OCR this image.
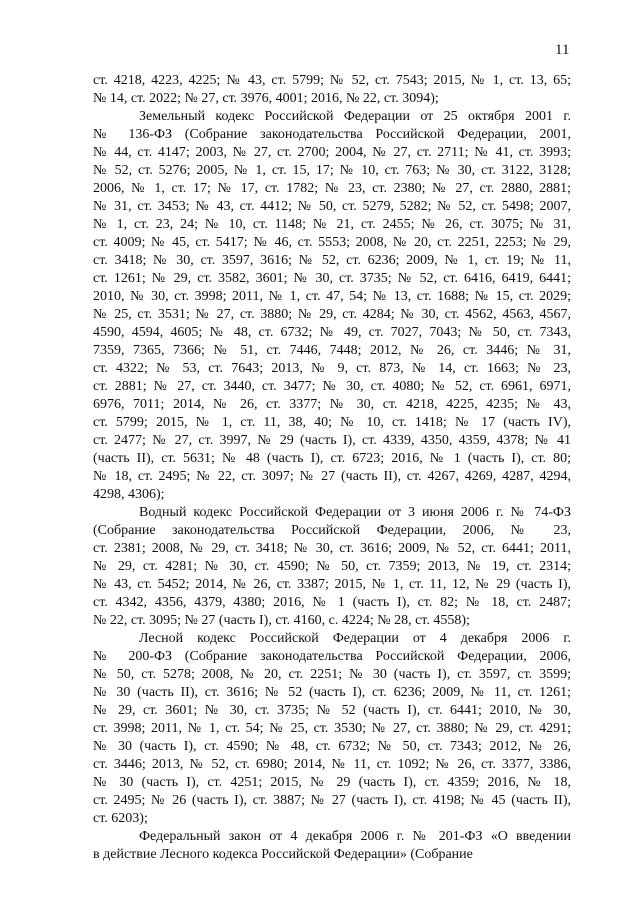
11
ст. 4218, 4223, 4225; № 43, ст. 5799; № 52, ст. 7543; 2015, № 1, ст. 13, 65;
№ 14, ст. 2022; № 27, ст. 3976, 4001; 2016, № 22, ст. 3094);
Земельный кодекс Российской Федерации от 25 октября 2001 г.
№ 136-ФЗ (Собрание законодательства Российской Федерации, 2001,
№ 44, ст. 4147; 2003, № 27, ст. 2700; 2004, № 27, ст. 2711; № 41, ст. 3993;
№ 52, ст. 5276; 2005, № 1, ст. 15, 17; № 10, ст. 763; № 30, ст. 3122, 3128;
2006, № 1, ст. 17; № 17, ст. 1782; № 23, ст. 2380; № 27, ст. 2880, 2881;
№ 31, ст. 3453; № 43, ст. 4412; № 50, ст. 5279, 5282; № 52, ст. 5498; 2007,
№ 1, ст. 23, 24; № 10, ст. 1148; № 21, ст. 2455; № 26, ст. 3075; № 31,
ст. 4009; № 45, ст. 5417; № 46, ст. 5553; 2008, № 20, ст. 2251, 2253; № 29,
ст. 3418; № 30, ст. 3597, 3616; № 52, ст. 6236; 2009, № 1, ст. 19; № 11,
ст. 1261; № 29, ст. 3582, 3601; № 30, ст. 3735; № 52, ст. 6416, 6419, 6441;
2010, № 30, ст. 3998; 2011, № 1, ст. 47, 54; № 13, ст. 1688; № 15, ст. 2029;
№ 25, ст. 3531; № 27, ст. 3880; № 29, ст. 4284; № 30, ст. 4562, 4563, 4567,
4590, 4594, 4605; № 48, ст. 6732; № 49, ст. 7027, 7043; № 50, ст. 7343,
7359, 7365, 7366; № 51, ст. 7446, 7448; 2012, № 26, ст. 3446; № 31,
ст. 4322; № 53, ст. 7643; 2013, № 9, ст. 873, № 14, ст. 1663; № 23,
ст. 2881; № 27, ст. 3440, ст. 3477; № 30, ст. 4080; № 52, ст. 6961, 6971,
6976, 7011; 2014, № 26, ст. 3377; № 30, ст. 4218, 4225, 4235; № 43,
ст. 5799; 2015, № 1, ст. 11, 38, 40; № 10, ст. 1418; № 17 (часть IV),
ст. 2477; № 27, ст. 3997, № 29 (часть I), ст. 4339, 4350, 4359, 4378; № 41
(часть II), ст. 5631; № 48 (часть I), ст. 6723; 2016, № 1 (часть I), ст. 80;
№ 18, ст. 2495; № 22, ст. 3097; № 27 (часть II), ст. 4267, 4269, 4287, 4294,
4298, 4306);
Водный кодекс Российской Федерации от 3 июня 2006 г. № 74-ФЗ
(Собрание законодательства Российской Федерации, 2006, № 23,
ст. 2381; 2008, № 29, ст. 3418; № 30, ст. 3616; 2009, № 52, ст. 6441; 2011,
№ 29, ст. 4281; № 30, ст. 4590; № 50, ст. 7359; 2013, № 19, ст. 2314;
№ 43, ст. 5452; 2014, № 26, ст. 3387; 2015, № 1, ст. 11, 12, № 29 (часть I),
ст. 4342, 4356, 4379, 4380; 2016, № 1 (часть I), ст. 82; № 18, ст. 2487;
№ 22, ст. 3095; № 27 (часть I), ст. 4160, с. 4224; № 28, ст. 4558);
Лесной кодекс Российской Федерации от 4 декабря 2006 г.
№ 200-ФЗ (Собрание законодательства Российской Федерации, 2006,
№ 50, ст. 5278; 2008, № 20, ст. 2251; № 30 (часть I), ст. 3597, ст. 3599;
№ 30 (часть II), ст. 3616; № 52 (часть I), ст. 6236; 2009, № 11, ст. 1261;
№ 29, ст. 3601; № 30, ст. 3735; № 52 (часть I), ст. 6441; 2010, № 30,
ст. 3998; 2011, № 1, ст. 54; № 25, ст. 3530; № 27, ст. 3880; № 29, ст. 4291;
№ 30 (часть I), ст. 4590; № 48, ст. 6732; № 50, ст. 7343; 2012, № 26,
ст. 3446; 2013, № 52, ст. 6980; 2014, № 11, ст. 1092; № 26, ст. 3377, 3386,
№ 30 (часть I), ст. 4251; 2015, № 29 (часть I), ст. 4359; 2016, № 18,
ст. 2495; № 26 (часть I), ст. 3887; № 27 (часть I), ст. 4198; № 45 (часть II),
ст. 6203);
Федеральный закон от 4 декабря 2006 г. № 201-ФЗ «О введении
в действие Лесного кодекса Российской Федерации» (Собрание
